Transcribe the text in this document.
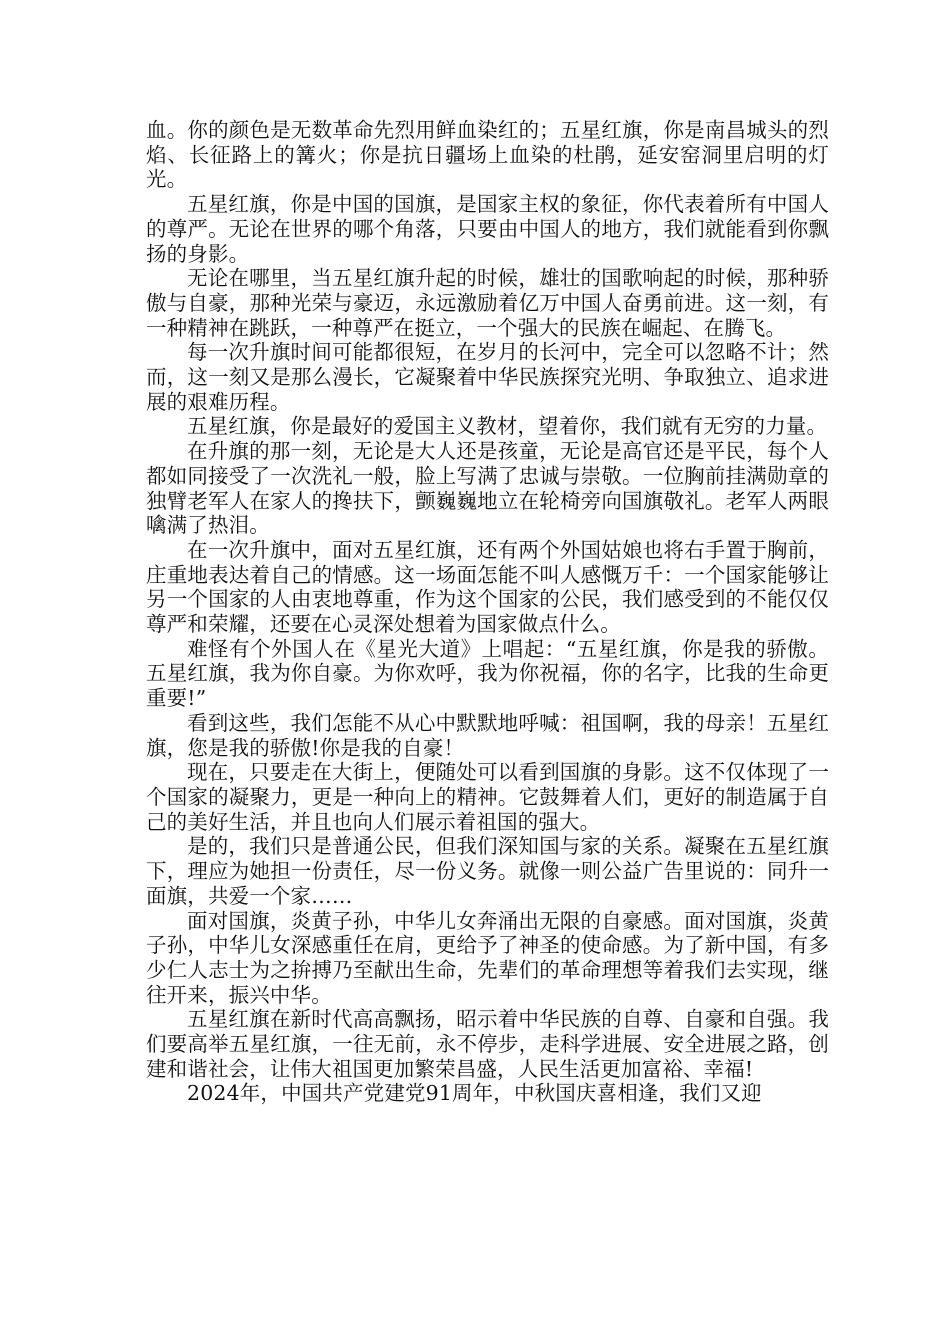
血。你的颜色是无数革命先烈用鲜血染红的；五星红旗，你是南昌城头的烈焰、长征路上的篝火；你是抗日疆场上血染的杜鹃，延安窑洞里启明的灯光。

五星红旗，你是中国的国旗，是国家主权的象征，你代表着所有中国人的尊严。无论在世界的哪个角落，只要由中国人的地方，我们就能看到你飘扬的身影。

无论在哪里，当五星红旗升起的时候，雄壮的国歌响起的时候，那种骄傲与自豪，那种光荣与豪迈，永远激励着亿万中国人奋勇前进。这一刻，有一种精神在跳跃，一种尊严在挺立，一个强大的民族在崛起、在腾飞。

每一次升旗时间可能都很短，在岁月的长河中，完全可以忽略不计；然而，这一刻又是那么漫长，它凝聚着中华民族探究光明、争取独立、追求进展的艰难历程。

五星红旗，你是最好的爱国主义教材，望着你，我们就有无穷的力量。

在升旗的那一刻，无论是大人还是孩童，无论是高官还是平民，每个人都如同接受了一次洗礼一般，脸上写满了忠诚与崇敬。一位胸前挂满勋章的独臂老军人在家人的搀扶下，颤巍巍地立在轮椅旁向国旗敬礼。老军人两眼噙满了热泪。

在一次升旗中，面对五星红旗，还有两个外国姑娘也将右手置于胸前，庄重地表达着自己的情感。这一场面怎能不叫人感慨万千：一个国家能够让另一个国家的人由衷地尊重，作为这个国家的公民，我们感受到的不能仅仅尊严和荣耀，还要在心灵深处想着为国家做点什么。

难怪有个外国人在《星光大道》上唱起：“五星红旗，你是我的骄傲。五星红旗，我为你自豪。为你欢呼，我为你祝福，你的名字，比我的生命更重要!”

看到这些，我们怎能不从心中默默地呼喊：祖国啊，我的母亲！五星红旗，您是我的骄傲!你是我的自豪！

现在，只要走在大街上，便随处可以看到国旗的身影。这不仅体现了一个国家的凝聚力，更是一种向上的精神。它鼓舞着人们，更好的制造属于自己的美好生活，并且也向人们展示着祖国的强大。

是的，我们只是普通公民，但我们深知国与家的关系。凝聚在五星红旗下，理应为她担一份责任，尽一份义务。就像一则公益广告里说的：同升一面旗，共爱一个家……

面对国旗，炎黄子孙，中华儿女奔涌出无限的自豪感。面对国旗，炎黄子孙，中华儿女深感重任在肩，更给予了神圣的使命感。为了新中国，有多少仁人志士为之拚搏乃至献出生命，先辈们的革命理想等着我们去实现，继往开来，振兴中华。

五星红旗在新时代高高飘扬，昭示着中华民族的自尊、自豪和自强。我们要高举五星红旗，一往无前，永不停步，走科学进展、安全进展之路，创建和谐社会，让伟大祖国更加繁荣昌盛，人民生活更加富裕、幸福!

2024年，中国共产党建党91周年，中秋国庆喜相逢，我们又迎
